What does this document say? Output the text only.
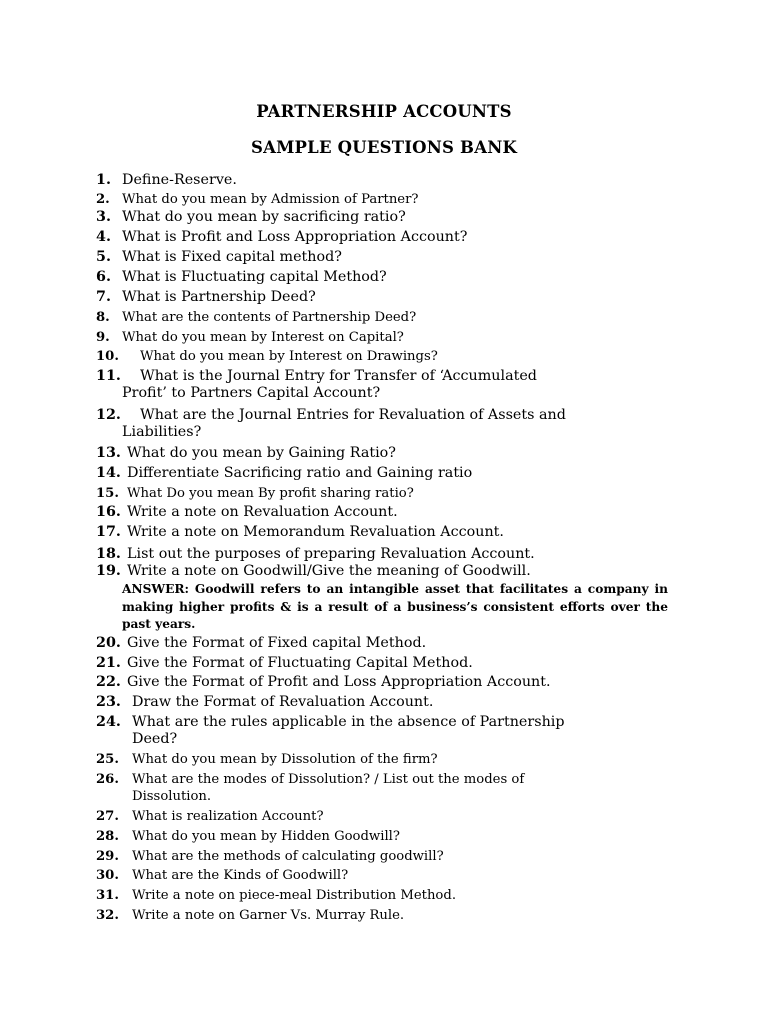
PARTNERSHIP ACCOUNTS
SAMPLE QUESTIONS BANK
1. Define-Reserve.
2. What do you mean by Admission of Partner?
3. What do you mean by sacrificing ratio?
4. What is Profit and Loss Appropriation Account?
5. What is Fixed capital method?
6. What is Fluctuating capital Method?
7. What is Partnership Deed?
8. What are the contents of Partnership Deed?
9. What do you mean by Interest on Capital?
10. What do you mean by Interest on Drawings?
11. What is the Journal Entry for Transfer of ‘Accumulated
Profit’ to Partners Capital Account?
12. What are the Journal Entries for Revaluation of Assets and
Liabilities?
13. What do you mean by Gaining Ratio?
14. Differentiate Sacrificing ratio and Gaining ratio
15. What Do you mean By profit sharing ratio?
16. Write a note on Revaluation Account.
17. Write a note on Memorandum Revaluation Account.
18. List out the purposes of preparing Revaluation Account.
19. Write a note on Goodwill/Give the meaning of Goodwill.
ANSWER: Goodwill refers to an intangible asset that facilitates a company in making higher profits & is a result of a business’s consistent efforts over the past years.
20. Give the Format of Fixed capital Method.
21. Give the Format of Fluctuating Capital Method.
22. Give the Format of Profit and Loss Appropriation Account.
23. Draw the Format of Revaluation Account.
24. What are the rules applicable in the absence of Partnership
Deed?
25. What do you mean by Dissolution of the firm?
26. What are the modes of Dissolution? / List out the modes of
Dissolution.
27. What is realization Account?
28. What do you mean by Hidden Goodwill?
29. What are the methods of calculating goodwill?
30. What are the Kinds of Goodwill?
31. Write a note on piece-meal Distribution Method.
32. Write a note on Garner Vs. Murray Rule.
